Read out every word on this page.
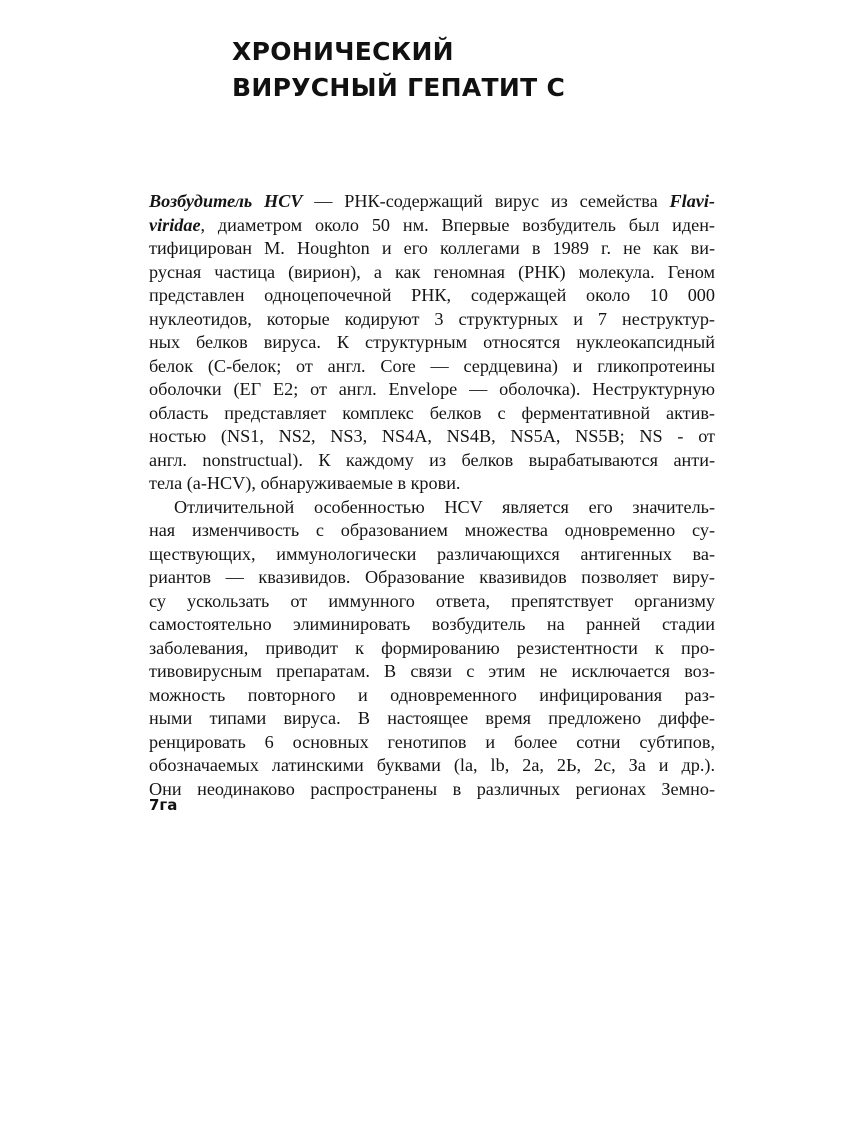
ХРОНИЧЕСКИЙ
ВИРУСНЫЙ ГЕПАТИТ С
Возбудитель HCV — РНК-содержащий вирус из семейства Flavi-
viridae, диаметром около 50 нм. Впервые возбудитель был иден-
тифицирован M. Houghton и его коллегами в 1989 г. не как ви-
русная частица (вирион), а как геномная (РНК) молекула. Геном
представлен одноцепочечной РНК, содержащей около 10 000
нуклеотидов, которые кодируют 3 структурных и 7 неструктур-
ных белков вируса. К структурным относятся нуклеокапсидный
белок (С-белок; от англ. Core — сердцевина) и гликопротеины
оболочки (ЕГ Е2; от англ. Envelope — оболочка). Неструктурную
область представляет комплекс белков с ферментативной актив-
ностью (NS1, NS2, NS3, NS4A, NS4B, NS5A, NS5B; NS - от
англ. nonstructual). К каждому из белков вырабатываются анти-
тела (a-HCV), обнаруживаемые в крови.
Отличительной особенностью HCV является его значитель-
ная изменчивость с образованием множества одновременно су-
ществующих, иммунологически различающихся антигенных ва-
риантов — квазивидов. Образование квазивидов позволяет виру-
су ускользать от иммунного ответа, препятствует организму
самостоятельно элиминировать возбудитель на ранней стадии
заболевания, приводит к формированию резистентности к про-
тивовирусным препаратам. В связи с этим не исключается воз-
можность повторного и одновременного инфицирования раз-
ными типами вируса. В настоящее время предложено диффе-
ренцировать 6 основных генотипов и более сотни субтипов,
обозначаемых латинскими буквами (la, lb, 2a, 2Ь, 2c, За и др.).
Они неодинаково распространены в различных регионах Земно-
7га
